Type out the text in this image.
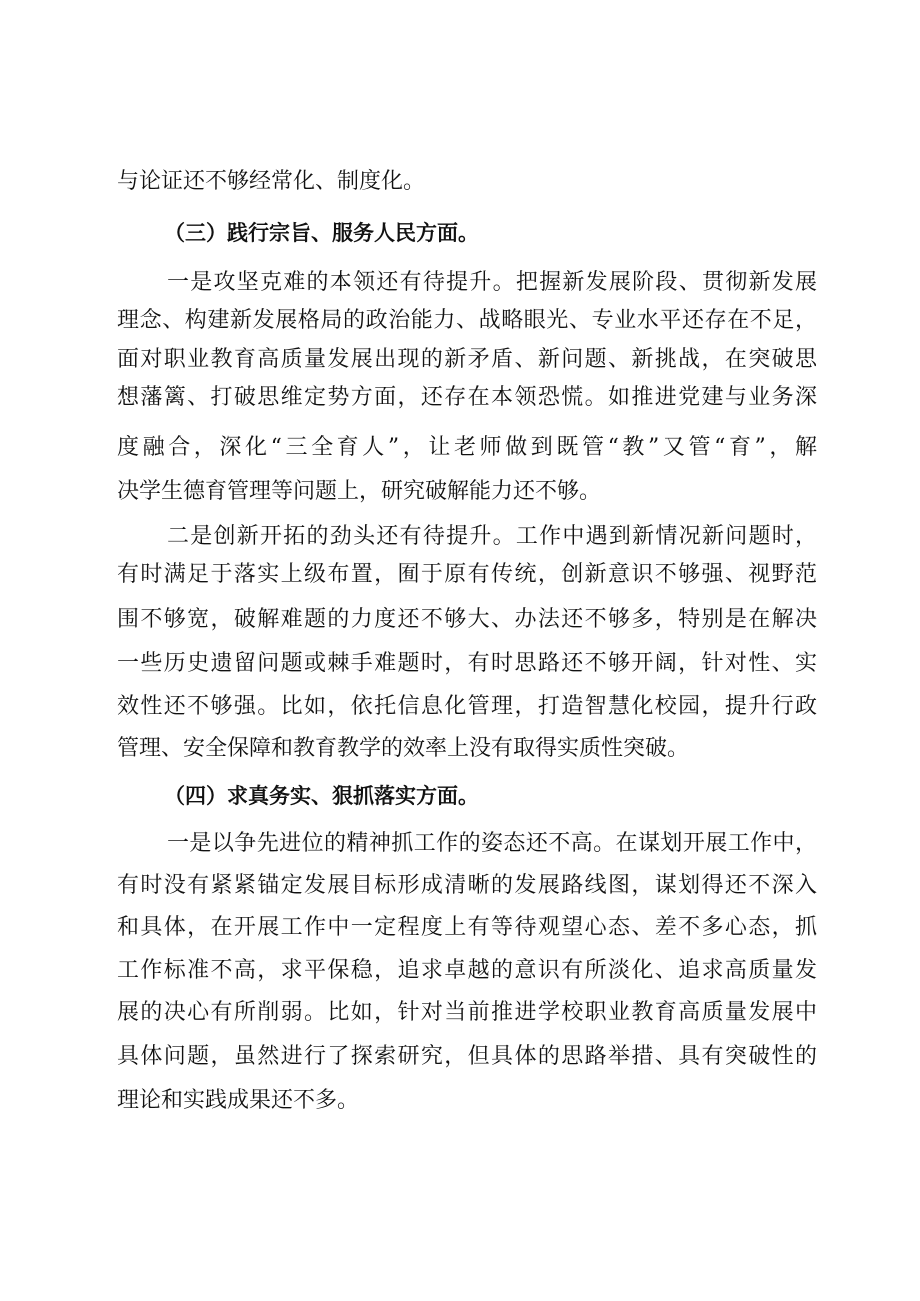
与论证还不够经常化、制度化。
（三）践行宗旨、服务人民方面。
一是攻坚克难的本领还有待提升。把握新发展阶段、贯彻新发展
理念、构建新发展格局的政治能力、战略眼光、专业水平还存在不足，
面对职业教育高质量发展出现的新矛盾、新问题、新挑战，在突破思
想藩篱、打破思维定势方面，还存在本领恐慌。如推进党建与业务深
度融合，深化“三全育人”，让老师做到既管“教”又管“育”，解
决学生德育管理等问题上，研究破解能力还不够。
二是创新开拓的劲头还有待提升。工作中遇到新情况新问题时，
有时满足于落实上级布置，囿于原有传统，创新意识不够强、视野范
围不够宽，破解难题的力度还不够大、办法还不够多，特别是在解决
一些历史遗留问题或棘手难题时，有时思路还不够开阔，针对性、实
效性还不够强。比如，依托信息化管理，打造智慧化校园，提升行政
管理、安全保障和教育教学的效率上没有取得实质性突破。
（四）求真务实、狠抓落实方面。
一是以争先进位的精神抓工作的姿态还不高。在谋划开展工作中，
有时没有紧紧锚定发展目标形成清晰的发展路线图，谋划得还不深入
和具体，在开展工作中一定程度上有等待观望心态、差不多心态，抓
工作标准不高，求平保稳，追求卓越的意识有所淡化、追求高质量发
展的决心有所削弱。比如，针对当前推进学校职业教育高质量发展中
具体问题，虽然进行了探索研究，但具体的思路举措、具有突破性的
理论和实践成果还不多。
